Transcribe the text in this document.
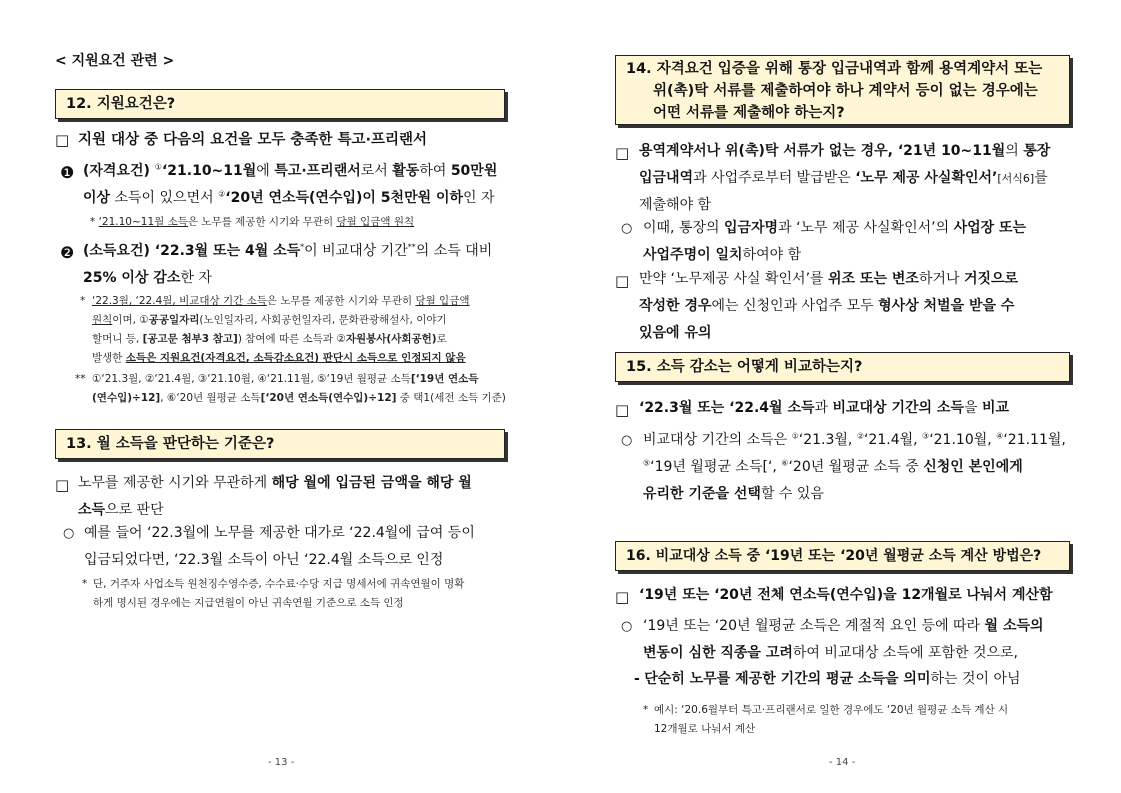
< 지원요건 관련 >
12. 지원요건은?
□ 지원 대상 중 다음의 요건을 모두 충족한 특고·프리랜서
❶ (자격요건) ①‘21.10~11월에 특고·프리랜서로서 활동하여 50만원
이상 소득이 있으면서 ②‘20년 연소득(연수입)이 5천만원 이하인 자
* ‘21.10~11월 소득은 노무를 제공한 시기와 무관히 당월 입금액 원칙
❷ (소득요건) ‘22.3월 또는 4월 소득*이 비교대상 기간**의 소득 대비
25% 이상 감소한 자
* ‘22.3월, ‘22.4월, 비교대상 기간 소득은 노무를 제공한 시기와 무관히 당월 입금액
원칙이며, ①공공일자리(노인일자리, 사회공헌일자리, 문화관광해설사, 이야기
할머니 등, [공고문 첨부3 참고]) 참여에 따른 소득과 ②자원봉사(사회공헌)로
발생한 소득은 지원요건(자격요건, 소득감소요건) 판단시 소득으로 인정되지 않음
** ①‘21.3월, ②‘21.4월, ③‘21.10월, ④‘21.11월, ⑤‘19년 월평균 소득[‘19년 연소득
(연수입)÷12], ⑥‘20년 월평균 소득[‘20년 연소득(연수입)÷12] 중 택1(세전 소득 기준)
13. 월 소득을 판단하는 기준은?
□ 노무를 제공한 시기와 무관하게 해당 월에 입금된 금액을 해당 월
소득으로 판단
○ 예를 들어 ‘22.3월에 노무를 제공한 대가로 ‘22.4월에 급여 등이
입금되었다면, ‘22.3월 소득이 아닌 ‘22.4월 소득으로 인정
* 단, 거주자 사업소득 원천징수영수증, 수수료·수당 지급 명세서에 귀속연월이 명확
하게 명시된 경우에는 지급연월이 아닌 귀속연월 기준으로 소득 인정
- 13 -
14. 자격요건 입증을 위해 통장 입금내역과 함께 용역계약서 또는
위(촉)탁 서류를 제출하여야 하나 계약서 등이 없는 경우에는
어떤 서류를 제출해야 하는지?
□ 용역계약서나 위(촉)탁 서류가 없는 경우, ‘21년 10~11월의 통장
입금내역과 사업주로부터 발급받은 ‘노무 제공 사실확인서’[서식6]를
제출해야 함
○ 이때, 통장의 입금자명과 ‘노무 제공 사실확인서’의 사업장 또는
사업주명이 일치하여야 함
□ 만약 ‘노무제공 사실 확인서’를 위조 또는 변조하거나 거짓으로
작성한 경우에는 신청인과 사업주 모두 형사상 처벌을 받을 수
있음에 유의
15. 소득 감소는 어떻게 비교하는지?
□ ‘22.3월 또는 ‘22.4월 소득과 비교대상 기간의 소득을 비교
○ 비교대상 기간의 소득은 ①‘21.3월, ②‘21.4월, ③‘21.10월, ④‘21.11월,
⑤‘19년 월평균 소득[‘, ⑥‘20년 월평균 소득 중 신청인 본인에게
유리한 기준을 선택할 수 있음
16. 비교대상 소득 중 ‘19년 또는 ‘20년 월평균 소득 계산 방법은?
□ ‘19년 또는 ‘20년 전체 연소득(연수입)을 12개월로 나눠서 계산함
○ ‘19년 또는 ‘20년 월평균 소득은 계절적 요인 등에 따라 월 소득의
변동이 심한 직종을 고려하여 비교대상 소득에 포함한 것으로,
- 단순히 노무를 제공한 기간의 평균 소득을 의미하는 것이 아님
* 예시: ‘20.6월부터 특고·프리랜서로 일한 경우에도 ‘20년 월평균 소득 계산 시
12개월로 나눠서 계산
- 14 -
